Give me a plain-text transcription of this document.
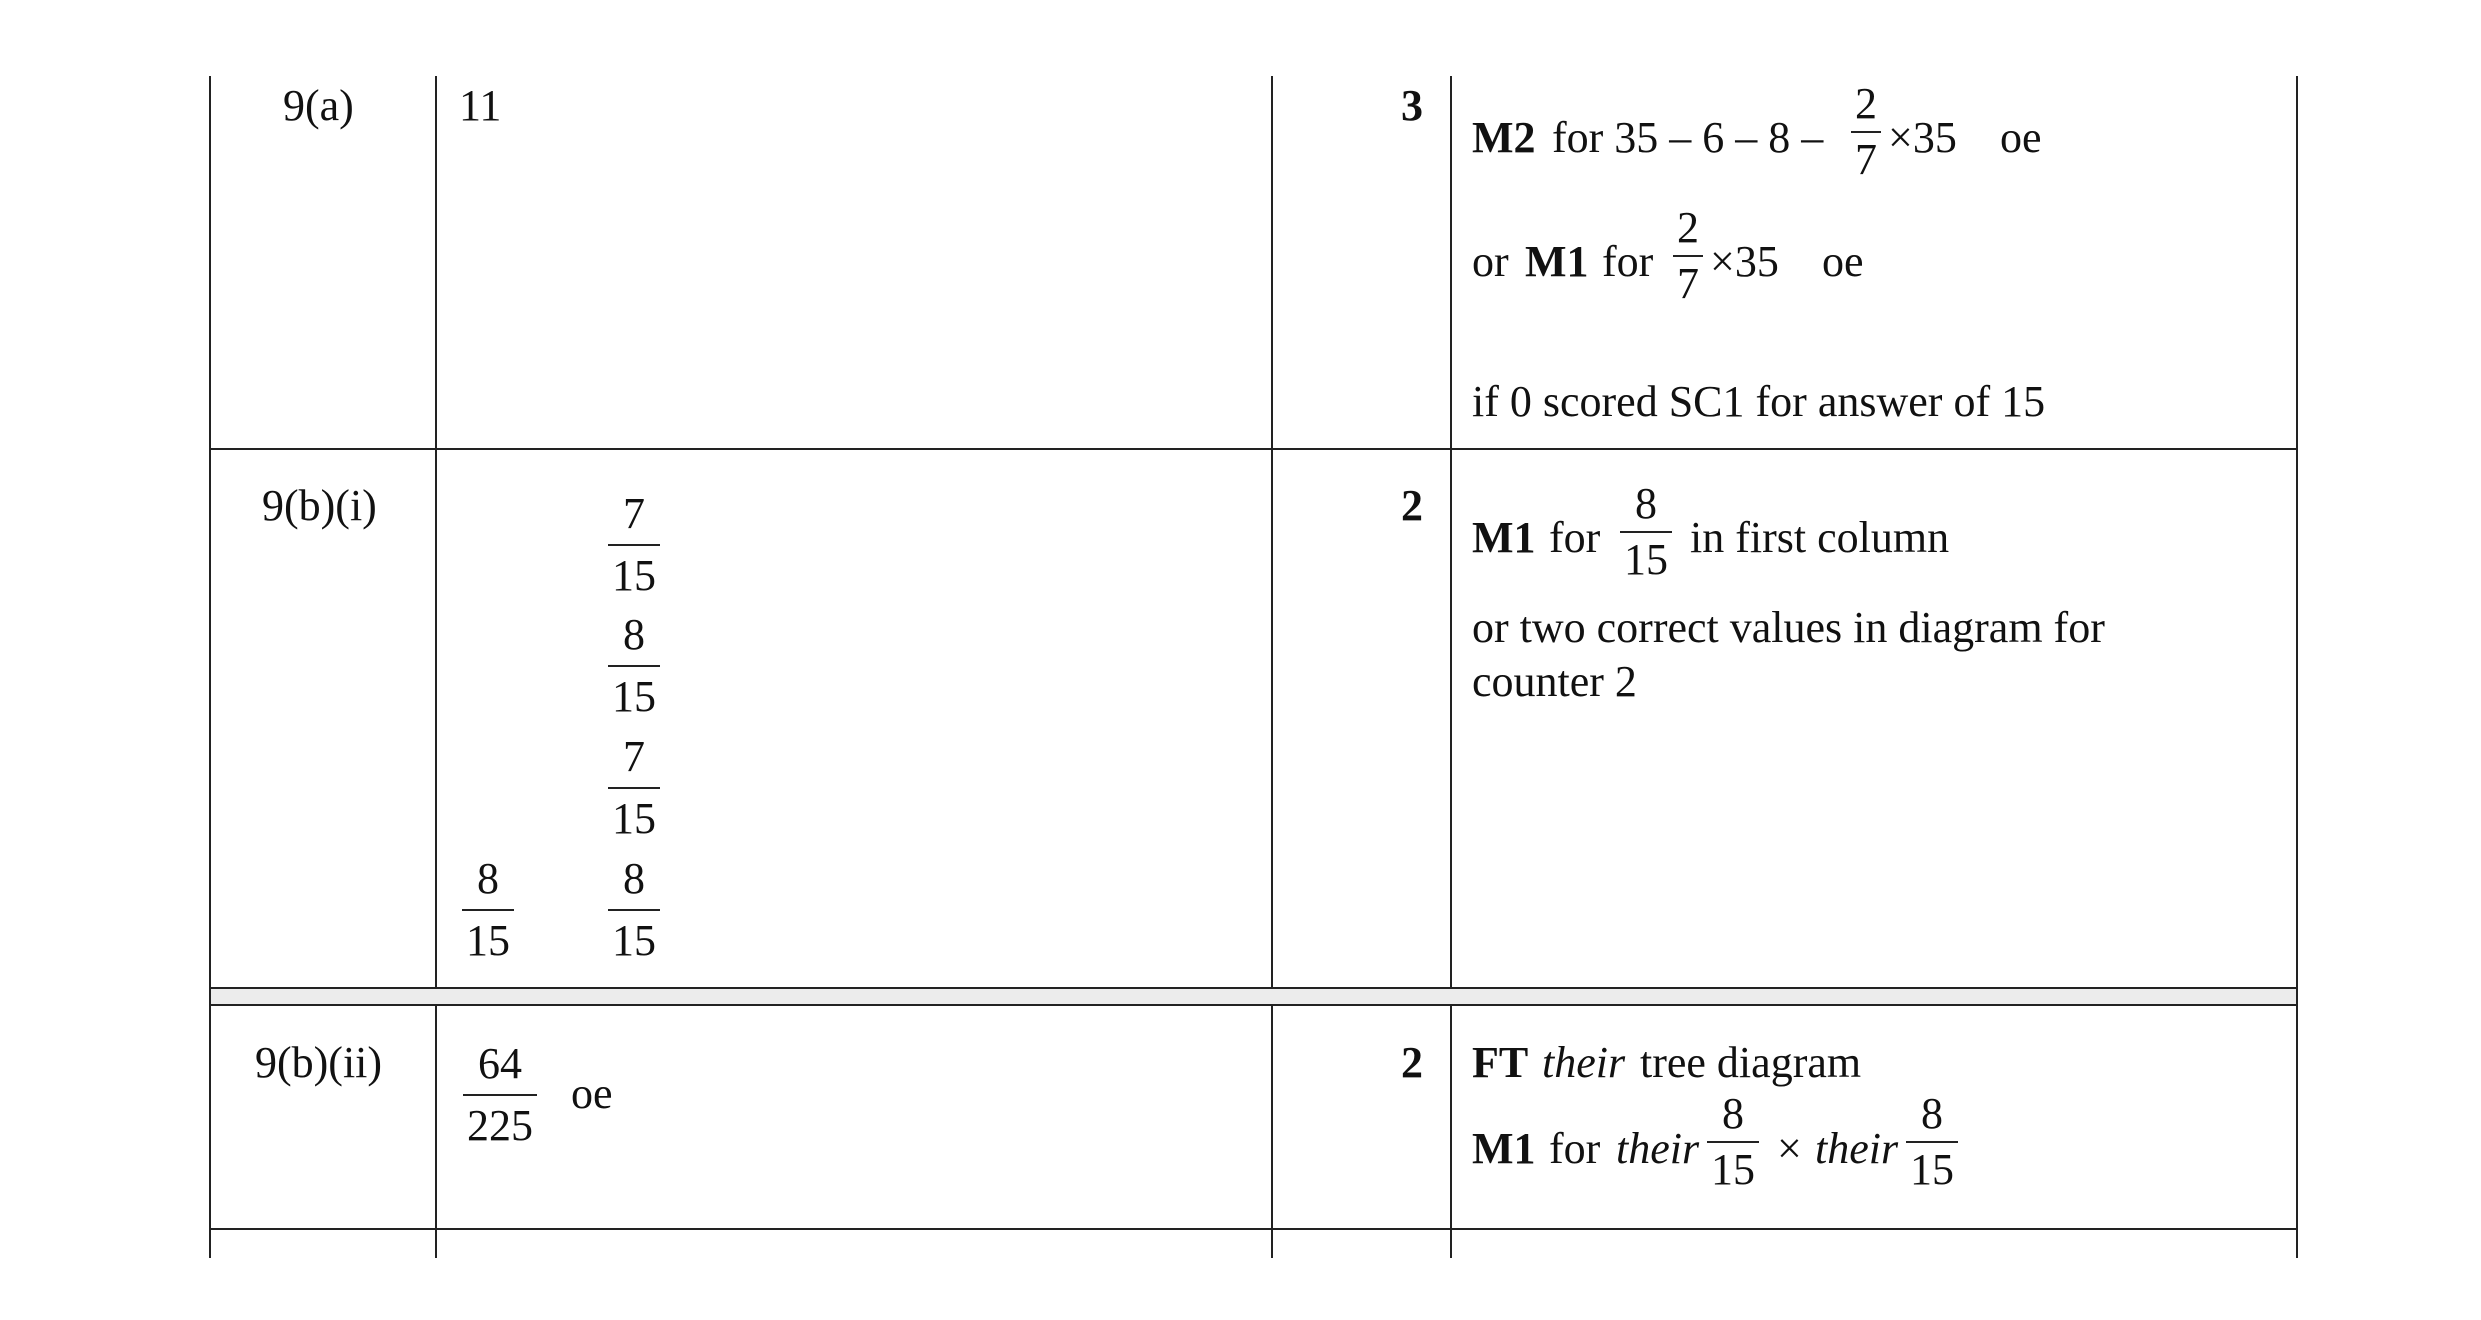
9(a) 11	3
M2 for 35 – 6 – 8 –
2
7 ×35 oe
or M1 for
2
7 ×35 oe
if 0 scored SC1 for answer of 15
9(b)(i)	7
15
8
15
7
15
8
15
8
15
2
M1 for
8
15 in first column
or two correct values in diagram for
counter 2
9(b)(ii) 64
225
oe
2 FT their tree diagram
M1 for their
8
15 × their
8
15
